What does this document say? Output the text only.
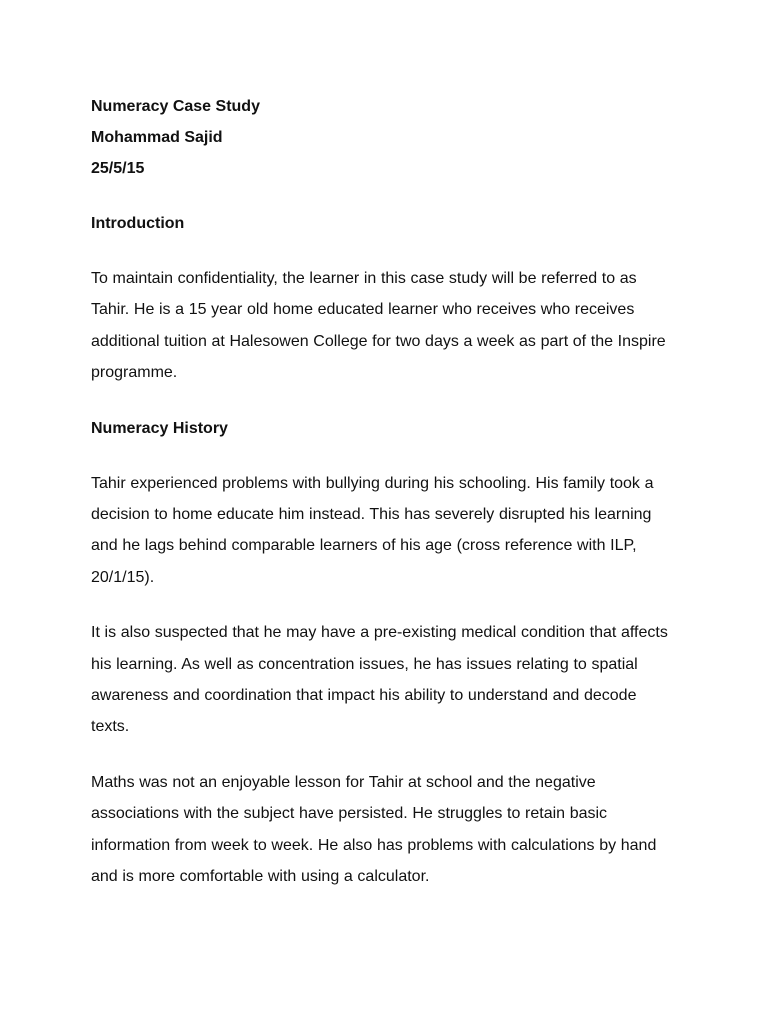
Numeracy Case Study

Mohammad Sajid

25/5/15

Introduction

To maintain confidentiality, the learner in this case study will be referred to as Tahir. He is a 15 year old home educated learner who receives who receives additional tuition at Halesowen College for two days a week as part of the Inspire programme.

Numeracy History

Tahir experienced problems with bullying during his schooling. His family took a decision to home educate him instead. This has severely disrupted his learning and he lags behind comparable learners of his age (cross reference with ILP, 20/1/15).

It is also suspected that he may have a pre-existing medical condition that affects his learning. As well as concentration issues, he has issues relating to spatial awareness and coordination that impact his ability to understand and decode texts.

Maths was not an enjoyable lesson for Tahir at school and the negative associations with the subject have persisted. He struggles to retain basic information from week to week. He also has problems with calculations by hand and is more comfortable with using a calculator.
